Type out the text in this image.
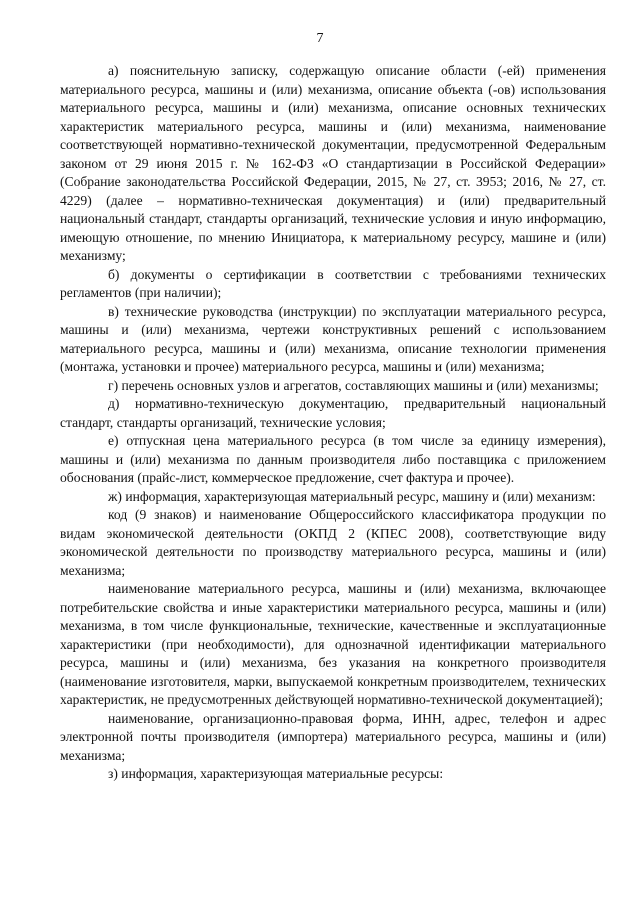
7

а) пояснительную записку, содержащую описание области (-ей) применения материального ресурса, машины и (или) механизма, описание объекта (-ов) использования материального ресурса, машины и (или) механизма, описание основных технических характеристик материального ресурса, машины и (или) механизма, наименование соответствующей нормативно-технической документации, предусмотренной Федеральным законом от 29 июня 2015 г. № 162-ФЗ «О стандартизации в Российской Федерации» (Собрание законодательства Российской Федерации, 2015, № 27, ст. 3953; 2016, № 27, ст. 4229) (далее – нормативно-техническая документация) и (или) предварительный национальный стандарт, стандарты организаций, технические условия и иную информацию, имеющую отношение, по мнению Инициатора, к материальному ресурсу, машине и (или) механизму;

б) документы о сертификации в соответствии с требованиями технических регламентов (при наличии);

в) технические руководства (инструкции) по эксплуатации материального ресурса, машины и (или) механизма, чертежи конструктивных решений с использованием материального ресурса, машины и (или) механизма, описание технологии применения (монтажа, установки и прочее) материального ресурса, машины и (или) механизма;

г) перечень основных узлов и агрегатов, составляющих машины и (или) механизмы;

д) нормативно-техническую документацию, предварительный национальный стандарт, стандарты организаций, технические условия;

е) отпускная цена материального ресурса (в том числе за единицу измерения), машины и (или) механизма по данным производителя либо поставщика с приложением обоснования (прайс-лист, коммерческое предложение, счет фактура и прочее).

ж) информация, характеризующая материальный ресурс, машину и (или) механизм:

код (9 знаков) и наименование Общероссийского классификатора продукции по видам экономической деятельности (ОКПД 2 (КПЕС 2008), соответствующие виду экономической деятельности по производству материального ресурса, машины и (или) механизма;

наименование материального ресурса, машины и (или) механизма, включающее потребительские свойства и иные характеристики материального ресурса, машины и (или) механизма, в том числе функциональные, технические, качественные и эксплуатационные характеристики (при необходимости), для однозначной идентификации материального ресурса, машины и (или) механизма, без указания на конкретного производителя (наименование изготовителя, марки, выпускаемой конкретным производителем, технических характеристик, не предусмотренных действующей нормативно-технической документацией);

наименование, организационно-правовая форма, ИНН, адрес, телефон и адрес электронной почты производителя (импортера) материального ресурса, машины и (или) механизма;

з) информация, характеризующая материальные ресурсы:
